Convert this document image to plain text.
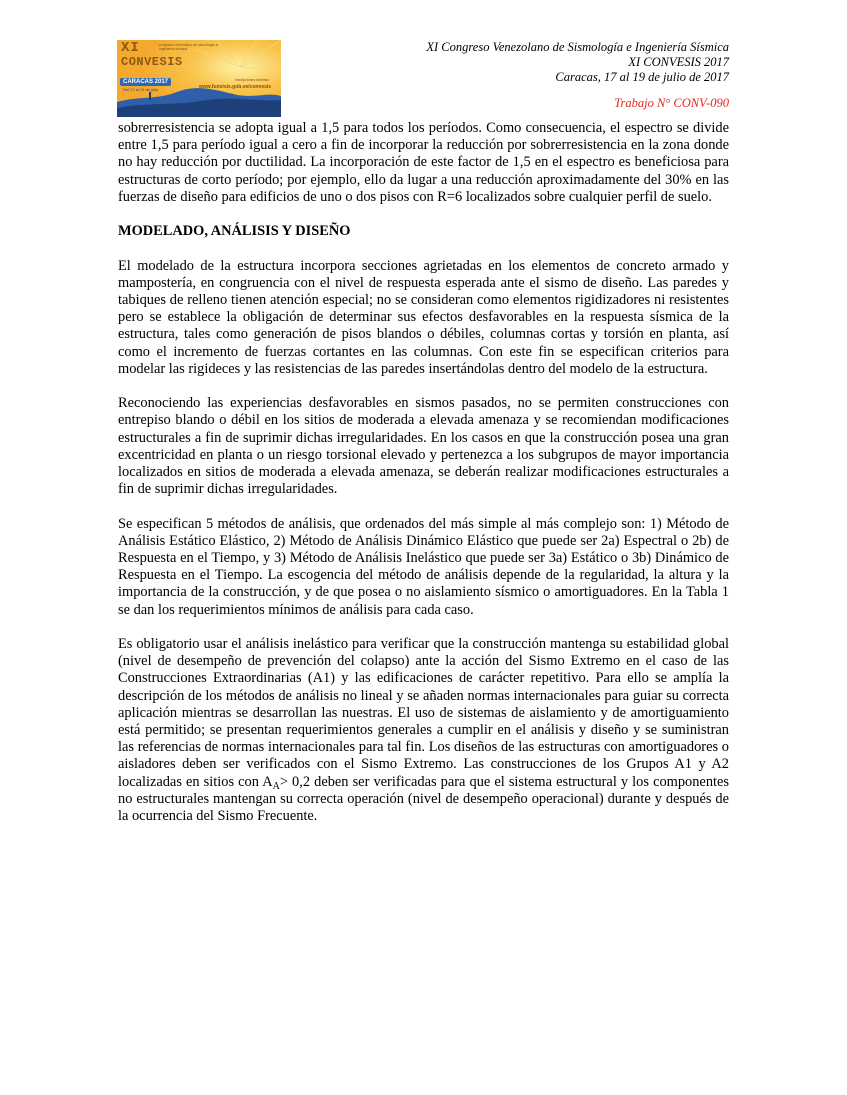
XI
CONVESIS
congreso venezolano de sismología e ingeniería sísmica
CARACAS 2017
Del 17 al 19 de julio
inscripciones abiertas
www.funvisis.gob.ve/convesis
XI Congreso Venezolano de Sismología e Ingeniería Sísmica
XI CONVESIS 2017
Caracas, 17 al 19 de julio de 2017
Trabajo N° CONV-090

sobrerresistencia se adopta igual a 1,5 para todos los períodos. Como consecuencia, el espectro se divide entre 1,5 para período igual a cero a fin de incorporar la reducción por sobrerresistencia en la zona donde no hay reducción por ductilidad. La incorporación de este factor de 1,5 en el espectro es beneficiosa para estructuras de corto período; por ejemplo, ello da lugar a una reducción aproximadamente del 30% en las fuerzas de diseño para edificios de uno o dos pisos con R=6 localizados sobre cualquier perfil de suelo.

MODELADO, ANÁLISIS Y DISEÑO

El modelado de la estructura incorpora secciones agrietadas en los elementos de concreto armado y mampostería, en congruencia con el nivel de respuesta esperada ante el sismo de diseño. Las paredes y tabiques de relleno tienen atención especial; no se consideran como elementos rigidizadores ni resistentes pero se establece la obligación de determinar sus efectos desfavorables en la respuesta sísmica de la estructura, tales como generación de pisos blandos o débiles, columnas cortas y torsión en planta, así como el incremento de fuerzas cortantes en las columnas. Con este fin se especifican criterios para modelar las rigideces y las resistencias de las paredes insertándolas dentro del modelo de la estructura.

Reconociendo las experiencias desfavorables en sismos pasados, no se permiten construcciones con entrepiso blando o débil en los sitios de moderada a elevada amenaza y se recomiendan modificaciones estructurales a fin de suprimir dichas irregularidades. En los casos en que la construcción posea una gran excentricidad en planta o un riesgo torsional elevado y pertenezca a los subgrupos de mayor importancia localizados en sitios de moderada a elevada amenaza, se deberán realizar modificaciones estructurales a fin de suprimir dichas irregularidades.

Se especifican 5 métodos de análisis, que ordenados del más simple al más complejo son: 1) Método de Análisis Estático Elástico, 2) Método de Análisis Dinámico Elástico que puede ser 2a) Espectral o 2b) de Respuesta en el Tiempo, y 3) Método de Análisis Inelástico que puede ser 3a) Estático o 3b) Dinámico de Respuesta en el Tiempo. La escogencia del método de análisis depende de la regularidad, la altura y la importancia de la construcción, y de que posea o no aislamiento sísmico o amortiguadores. En la Tabla 1 se dan los requerimientos mínimos de análisis para cada caso.

Es obligatorio usar el análisis inelástico para verificar que la construcción mantenga su estabilidad global (nivel de desempeño de prevención del colapso) ante la acción del Sismo Extremo en el caso de las Construcciones Extraordinarias (A1) y las edificaciones de carácter repetitivo. Para ello se amplía la descripción de los métodos de análisis no lineal y se añaden normas internacionales para guiar su correcta aplicación mientras se desarrollan las nuestras. El uso de sistemas de aislamiento y de amortiguamiento está permitido; se presentan requerimientos generales a cumplir en el análisis y diseño y se suministran las referencias de normas internacionales para tal fin. Los diseños de las estructuras con amortiguadores o aisladores deben ser verificados con el Sismo Extremo. Las construcciones de los Grupos A1 y A2 localizadas en sitios con $A_A> 0,2$ deben ser verificadas para que el sistema estructural y los componentes no estructurales mantengan su correcta operación (nivel de desempeño operacional) durante y después de la ocurrencia del Sismo Frecuente.
